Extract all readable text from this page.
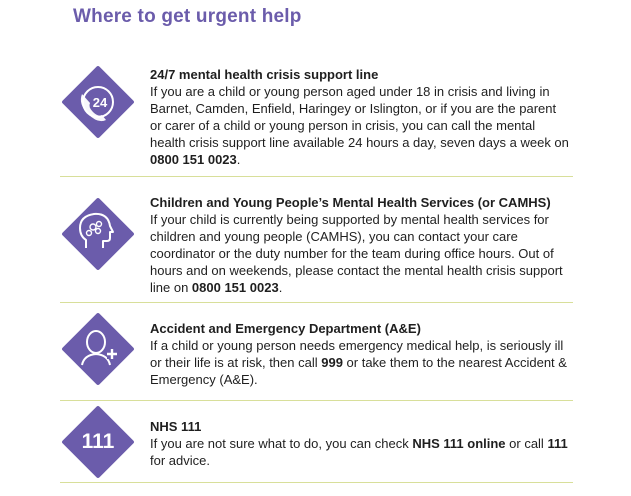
Where to get urgent help
24
24/7 mental health crisis support line
If you are a child or young person aged under 18 in crisis and living in Barnet, Camden, Enfield, Haringey or Islington, or if you are the parent or carer of a child or young person in crisis, you can call the mental health crisis support line available 24 hours a day, seven days a week on 0800 151 0023.
Children and Young People’s Mental Health Services (or CAMHS)
If your child is currently being supported by mental health services for children and young people (CAMHS), you can contact your care coordinator or the duty number for the team during office hours. Out of hours and on weekends, please contact the mental health crisis support line on 0800 151 0023.
Accident and Emergency Department (A&E)
If a child or young person needs emergency medical help, is seriously ill or their life is at risk, then call 999 or take them to the nearest Accident & Emergency (A&E).
111
NHS 111
If you are not sure what to do, you can check NHS 111 online or call 111 for advice.
